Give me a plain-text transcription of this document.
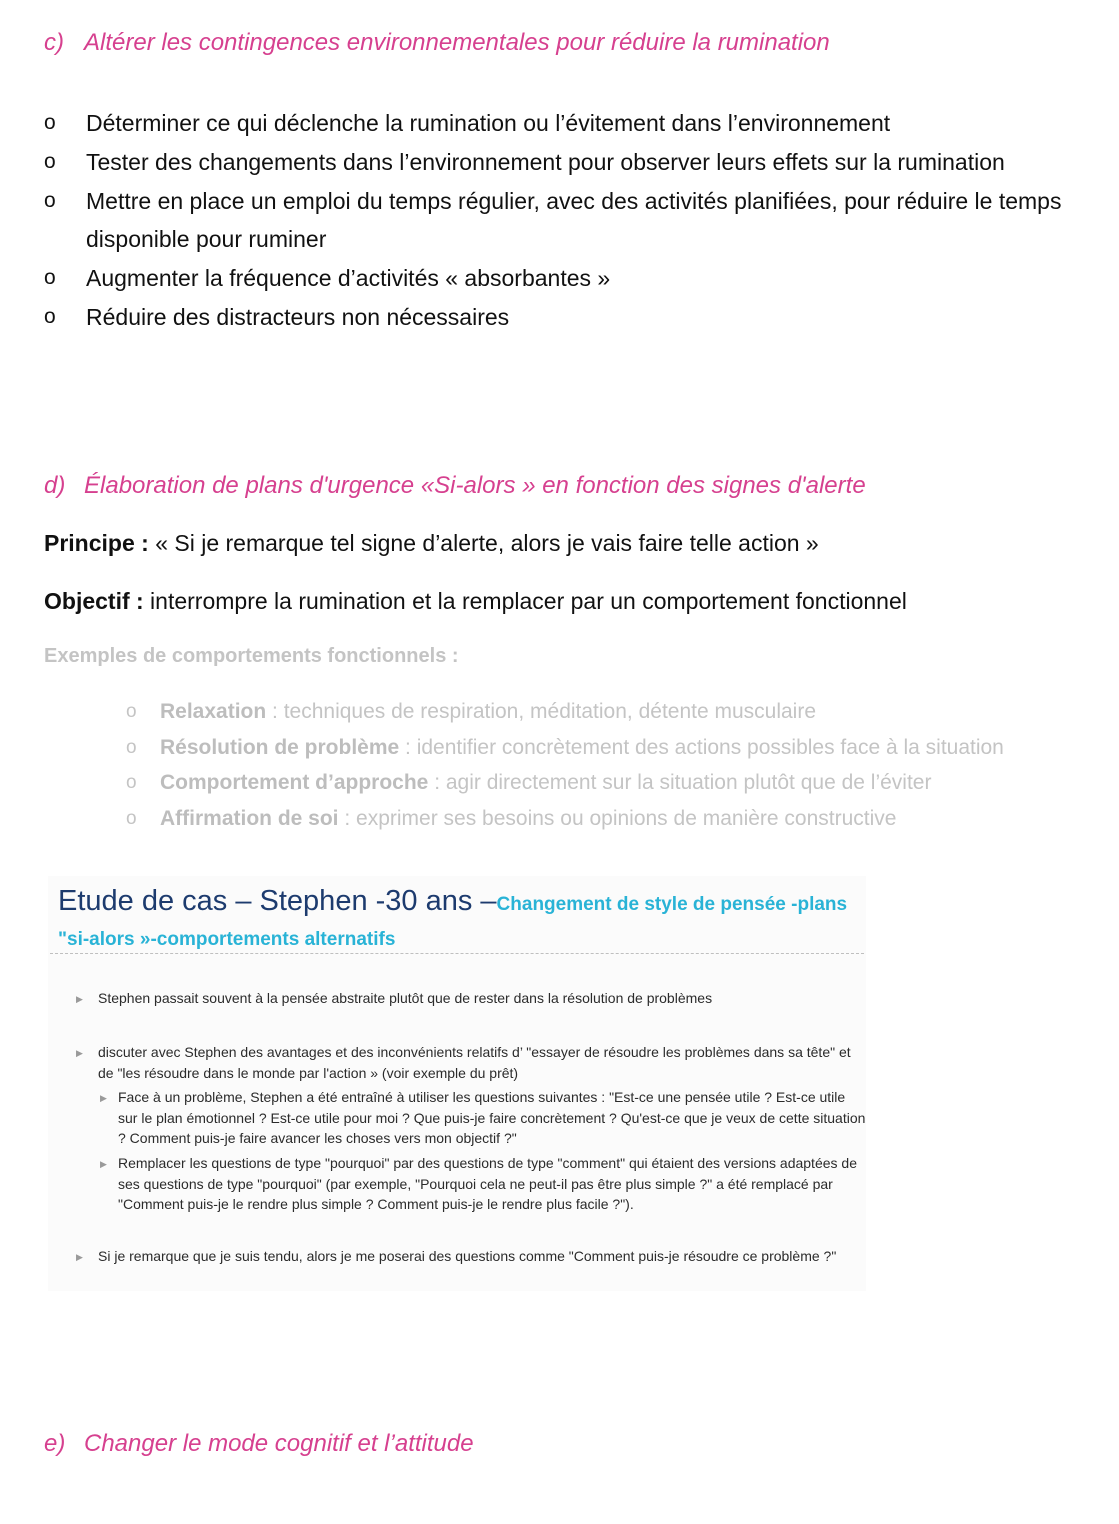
c) Altérer les contingences environnementales pour réduire la rumination
o	Déterminer ce qui déclenche la rumination ou l’évitement dans l’environnement
o	Tester des changements dans l’environnement pour observer leurs effets sur la rumination
o	Mettre en place un emploi du temps régulier, avec des activités planifiées, pour réduire le temps disponible pour ruminer
o	Augmenter la fréquence d’activités « absorbantes »
o	Réduire des distracteurs non nécessaires
d) Élaboration de plans d'urgence «Si-alors » en fonction des signes d'alerte
Principe : « Si je remarque tel signe d’alerte, alors je vais faire telle action »
Objectif : interrompre la rumination et la remplacer par un comportement fonctionnel
Exemples de comportements fonctionnels :
o	Relaxation : techniques de respiration, méditation, détente musculaire
o	Résolution de problème : identifier concrètement des actions possibles face à la situation
o	Comportement d’approche : agir directement sur la situation plutôt que de l’éviter
o	Affirmation de soi : exprimer ses besoins ou opinions de manière constructive
Etude de cas – Stephen -30 ans –Changement de style de pensée -plans "si-alors »-comportements alternatifs
▶	Stephen passait souvent à la pensée abstraite plutôt que de rester dans la résolution de problèmes
▶	discuter avec Stephen des avantages et des inconvénients relatifs d’ "essayer de résoudre les problèmes dans sa tête" et de "les résoudre dans le monde par l'action » (voir exemple du prêt)
▶ Face à un problème, Stephen a été entraîné à utiliser les questions suivantes : "Est-ce une pensée utile ? Est-ce utile sur le plan émotionnel ? Est-ce utile pour moi ? Que puis-je faire concrètement ? Qu'est-ce que je veux de cette situation ? Comment puis-je faire avancer les choses vers mon objectif ?"
▶ Remplacer les questions de type "pourquoi" par des questions de type "comment" qui étaient des versions adaptées de ses questions de type "pourquoi" (par exemple, "Pourquoi cela ne peut-il pas être plus simple ?" a été remplacé par "Comment puis-je le rendre plus simple ? Comment puis-je le rendre plus facile ?").
▶	Si je remarque que je suis tendu, alors je me poserai des questions comme "Comment puis-je résoudre ce problème ?"
e) Changer le mode cognitif et l’attitude
